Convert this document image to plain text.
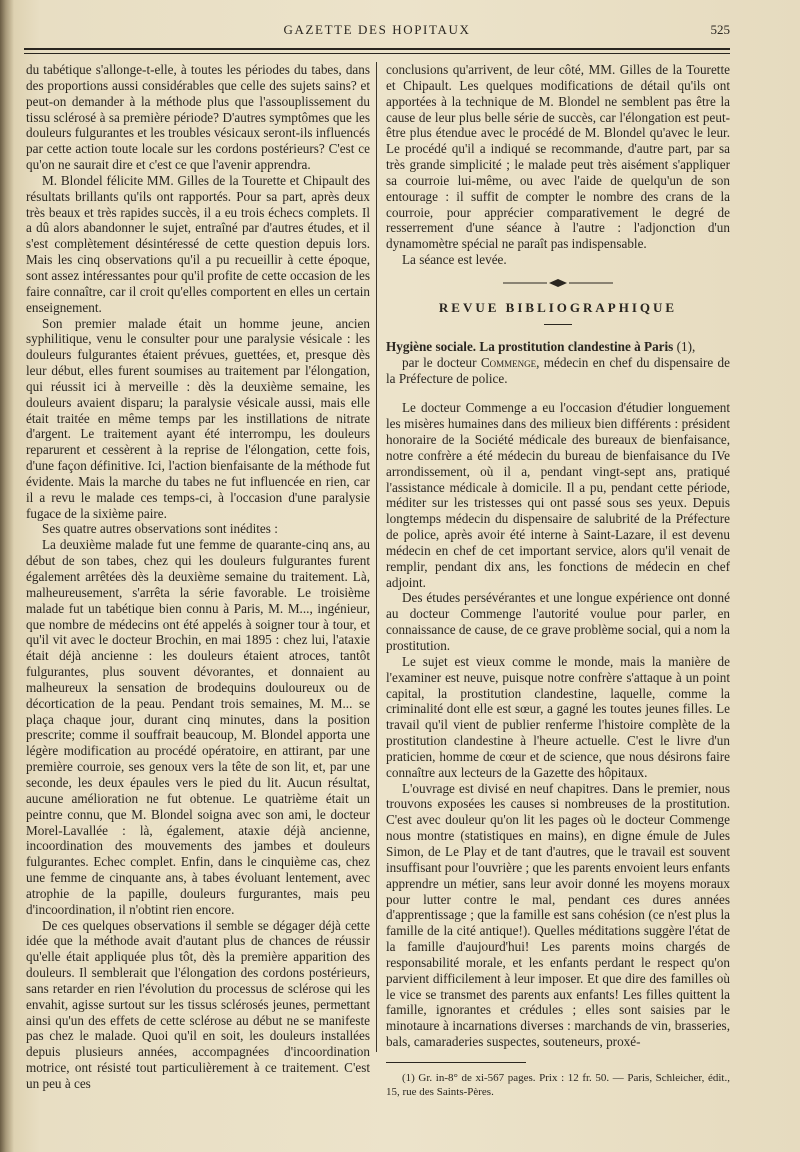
GAZETTE DES HOPITAUX	525

du tabétique s'allonge-t-elle, à toutes les périodes du tabes, dans des proportions aussi considérables que celle des sujets sains? et peut-on demander à la méthode plus que l'assouplissement du tissu sclérosé à sa première période? D'autres symptômes que les douleurs fulgurantes et les troubles vésicaux seront-ils influencés par cette action toute locale sur les cordons postérieurs? C'est ce qu'on ne saurait dire et c'est ce que l'avenir apprendra.

M. Blondel félicite MM. Gilles de la Tourette et Chipault des résultats brillants qu'ils ont rapportés. Pour sa part, après deux très beaux et très rapides succès, il a eu trois échecs complets. Il a dû alors abandonner le sujet, entraîné par d'autres études, et il s'est complètement désintéressé de cette question depuis lors. Mais les cinq observations qu'il a pu recueillir à cette époque, sont assez intéressantes pour qu'il profite de cette occasion de les faire connaître, car il croit qu'elles comportent en elles un certain enseignement.

Son premier malade était un homme jeune, ancien syphilitique, venu le consulter pour une paralysie vésicale : les douleurs fulgurantes étaient prévues, guettées, et, presque dès leur début, elles furent soumises au traitement par l'élongation, qui réussit ici à merveille : dès la deuxième semaine, les douleurs avaient disparu; la paralysie vésicale aussi, mais elle était traitée en même temps par les instillations de nitrate d'argent. Le traitement ayant été interrompu, les douleurs reparurent et cessèrent à la reprise de l'élongation, cette fois, d'une façon définitive. Ici, l'action bienfaisante de la méthode fut évidente. Mais la marche du tabes ne fut influencée en rien, car il a revu le malade ces temps-ci, à l'occasion d'une paralysie fugace de la sixième paire.

Ses quatre autres observations sont inédites :

La deuxième malade fut une femme de quarante-cinq ans, au début de son tabes, chez qui les douleurs fulgurantes furent également arrêtées dès la deuxième semaine du traitement. Là, malheureusement, s'arrêta la série favorable. Le troisième malade fut un tabétique bien connu à Paris, M. M..., ingénieur, que nombre de médecins ont été appelés à soigner tour à tour, et qu'il vit avec le docteur Brochin, en mai 1895 : chez lui, l'ataxie était déjà ancienne : les douleurs étaient atroces, tantôt fulgurantes, plus souvent dévorantes, et donnaient au malheureux la sensation de brodequins douloureux ou de décortication de la peau. Pendant trois semaines, M. M... se plaça chaque jour, durant cinq minutes, dans la position prescrite; comme il souffrait beaucoup, M. Blondel apporta une légère modification au procédé opératoire, en attirant, par une première courroie, ses genoux vers la tête de son lit, et, par une seconde, les deux épaules vers le pied du lit. Aucun résultat, aucune amélioration ne fut obtenue. Le quatrième était un peintre connu, que M. Blondel soigna avec son ami, le docteur Morel-Lavallée : là, également, ataxie déjà ancienne, incoordination des mouvements des jambes et douleurs fulgurantes. Echec complet. Enfin, dans le cinquième cas, chez une femme de cinquante ans, à tabes évoluant lentement, avec atrophie de la papille, douleurs furgurantes, mais peu d'incoordination, il n'obtint rien encore.

De ces quelques observations il semble se dégager déjà cette idée que la méthode avait d'autant plus de chances de réussir qu'elle était appliquée plus tôt, dès la première apparition des douleurs. Il semblerait que l'élongation des cordons postérieurs, sans retarder en rien l'évolution du processus de sclérose qui les envahit, agisse surtout sur les tissus sclérosés jeunes, permettant ainsi qu'un des effets de cette sclérose au début ne se manifeste pas chez le malade. Quoi qu'il en soit, les douleurs installées depuis plusieurs années, accompagnées d'incoordination motrice, ont résisté tout particulièrement à ce traitement. C'est un peu à ces

conclusions qu'arrivent, de leur côté, MM. Gilles de la Tourette et Chipault. Les quelques modifications de détail qu'ils ont apportées à la technique de M. Blondel ne semblent pas être la cause de leur plus belle série de succès, car l'élongation est peut-être plus étendue avec le procédé de M. Blondel qu'avec le leur. Le procédé qu'il a indiqué se recommande, d'autre part, par sa très grande simplicité ; le malade peut très aisément s'appliquer sa courroie lui-même, ou avec l'aide de quelqu'un de son entourage : il suffit de compter le nombre des crans de la courroie, pour apprécier comparativement le degré de resserrement d'une séance à l'autre : l'adjonction d'un dynamomètre spécial ne paraît pas indispensable.

La séance est levée.

REVUE BIBLIOGRAPHIQUE

Hygiène sociale. La prostitution clandestine à Paris (1),
par le docteur Commenge, médecin en chef du dispensaire de la Préfecture de police.

Le docteur Commenge a eu l'occasion d'étudier longuement les misères humaines dans des milieux bien différents : président honoraire de la Société médicale des bureaux de bienfaisance, notre confrère a été médecin du bureau de bienfaisance du IVe arrondissement, où il a, pendant vingt-sept ans, pratiqué l'assistance médicale à domicile. Il a pu, pendant cette période, méditer sur les tristesses qui ont passé sous ses yeux. Depuis longtemps médecin du dispensaire de salubrité de la Préfecture de police, après avoir été interne à Saint-Lazare, il est devenu médecin en chef de cet important service, alors qu'il venait de remplir, pendant dix ans, les fonctions de médecin en chef adjoint.

Des études persévérantes et une longue expérience ont donné au docteur Commenge l'autorité voulue pour parler, en connaissance de cause, de ce grave problème social, qui a nom la prostitution.

Le sujet est vieux comme le monde, mais la manière de l'examiner est neuve, puisque notre confrère s'attaque à un point capital, la prostitution clandestine, laquelle, comme la criminalité dont elle est sœur, a gagné les toutes jeunes filles. Le travail qu'il vient de publier renferme l'histoire complète de la prostitution clandestine à l'heure actuelle. C'est le livre d'un praticien, homme de cœur et de science, que nous désirons faire connaître aux lecteurs de la Gazette des hôpitaux.

L'ouvrage est divisé en neuf chapitres. Dans le premier, nous trouvons exposées les causes si nombreuses de la prostitution. C'est avec douleur qu'on lit les pages où le docteur Commenge nous montre (statistiques en mains), en digne émule de Jules Simon, de Le Play et de tant d'autres, que le travail est souvent insuffisant pour l'ouvrière ; que les parents envoient leurs enfants apprendre un métier, sans leur avoir donné les moyens moraux pour lutter contre le mal, pendant ces dures années d'apprentissage ; que la famille est sans cohésion (ce n'est plus la famille de la cité antique!). Quelles méditations suggère l'état de la famille d'aujourd'hui! Les parents moins chargés de responsabilité morale, et les enfants perdant le respect qu'on parvient difficilement à leur imposer. Et que dire des familles où le vice se transmet des parents aux enfants! Les filles quittent la famille, ignorantes et crédules ; elles sont saisies par le minotaure à incarnations diverses : marchands de vin, brasseries, bals, camaraderies suspectes, souteneurs, proxé-

(1) Gr. in-8° de xi-567 pages. Prix : 12 fr. 50. — Paris, Schleicher, édit., 15, rue des Saints-Pères.
